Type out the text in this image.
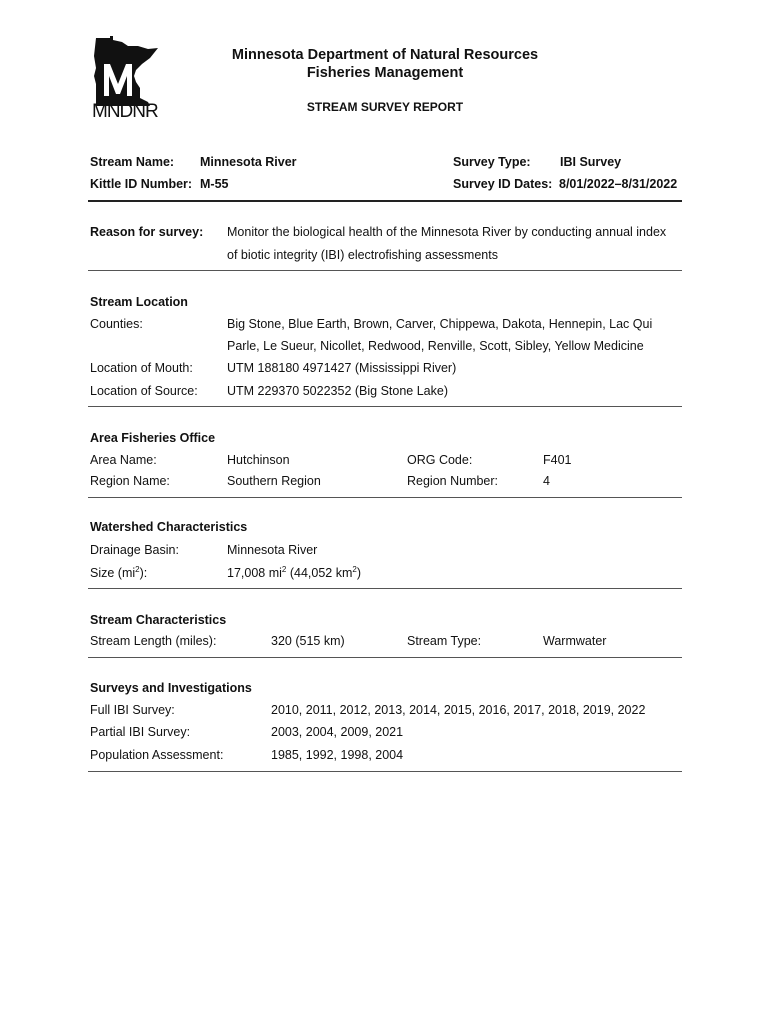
MNDNR
Minnesota Department of Natural Resources
Fisheries Management
STREAM SURVEY REPORT
Stream Name: Minnesota River	Survey Type: IBI Survey
Kittle ID Number: M-55	Survey ID Dates: 8/01/2022–8/31/2022
Reason for survey: Monitor the biological health of the Minnesota River by conducting annual index
of biotic integrity (IBI) electrofishing assessments
Stream Location
Counties:	Big Stone, Blue Earth, Brown, Carver, Chippewa, Dakota, Hennepin, Lac Qui
Parle, Le Sueur, Nicollet, Redwood, Renville, Scott, Sibley, Yellow Medicine
Location of Mouth:	UTM 188180 4971427 (Mississippi River)
Location of Source: UTM 229370 5022352 (Big Stone Lake)
Area Fisheries Office
Area Name:	Hutchinson	ORG Code:	F401
Region Name:	Southern Region	Region Number:	4
Watershed Characteristics
Drainage Basin:	Minnesota River
Size $(mi^2)$:	17,008 $mi^2$ (44,052 $km^2$)
Stream Characteristics
Stream Length (miles):	320 (515 km)	Stream Type:	Warmwater
Surveys and Investigations
Full IBI Survey:	2010, 2011, 2012, 2013, 2014, 2015, 2016, 2017, 2018, 2019, 2022
Partial IBI Survey:	2003, 2004, 2009, 2021
Population Assessment:	1985, 1992, 1998, 2004
